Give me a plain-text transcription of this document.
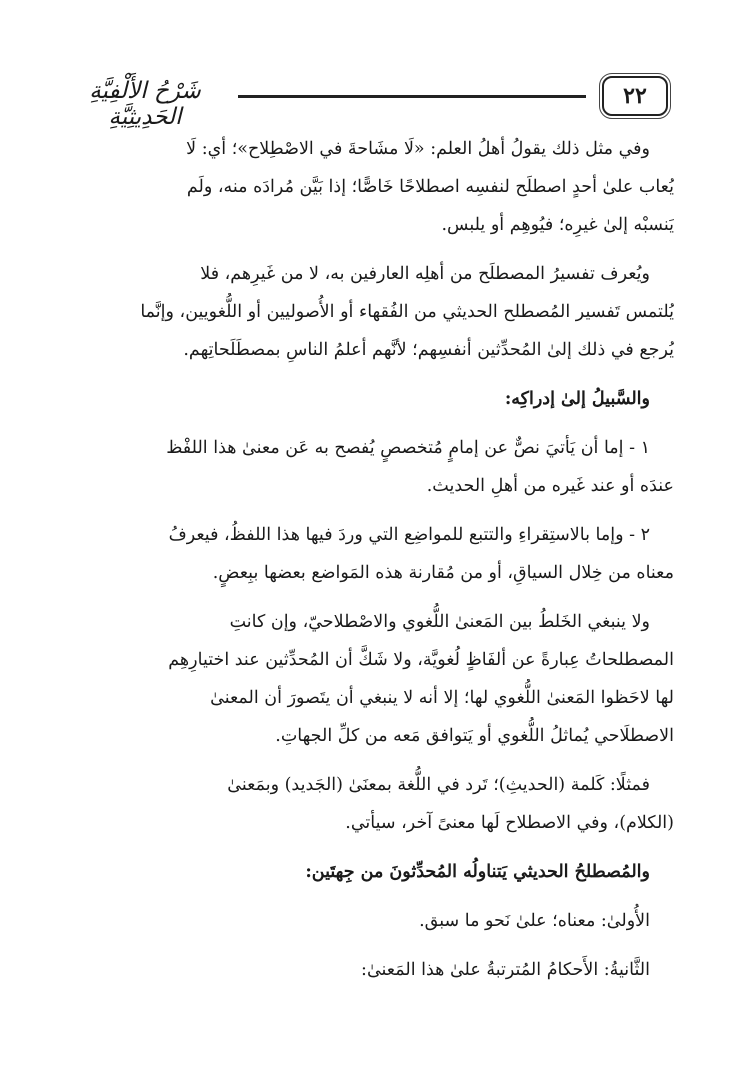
شَرْحُ الأَلْفِيَّةِ الحَدِيثِيَّةِ
٢٢
وفي مثل ذلك يقولُ أهلُ العلم: «لَا مشَاحةَ في الاصْطِلاح»؛ أي: لَا
يُعاب علىٰ أحدٍ اصطلَح لنفسِه اصطلاحًا خَاصًّا؛ إذا بَيَّن مُرادَه منه، ولَم
يَنسبْه إلىٰ غيرِه؛ فيُوهِم أو يلبس.
ويُعرف تفسيرُ المصطلَح من أهلِه العارفين به، لا من غَيرِهم، فلا
يُلتمس تَفسير المُصطلح الحديثي من الفُقهاء أو الأُصوليين أو اللُّغويين، وإنَّما
يُرجع في ذلك إلىٰ المُحدِّثين أنفسِهم؛ لأنَّهم أعلمُ الناسِ بمصطَلَحاتِهم.
والسَّبيلُ إلىٰ إدراكِه:
١ - إما أن يَأتيَ نصٌّ عن إمامٍ مُتخصصٍ يُفصح به عَن معنىٰ هذا اللفْظ
عندَه أو عند غَيره من أهلِ الحديث.
٢ - وإما بالاستِقراءِ والتتبع للمواضِع التي وردَ فيها هذا اللفظُ، فيعرفُ
معناه من خِلال السياقِ، أو من مُقارنة هذه المَواضع بعضها ببِعضٍ.
ولا ينبغي الخَلطُ بين المَعنىٰ اللُّغوي والاصْطلاحيّ، وإن كانتِ
المصطلحاتُ عِبارةً عن ألفَاظٍ لُغويَّة، ولا شَكَّ أن المُحدِّثين عند اختيارِهِم
لها لاحَظوا المَعنىٰ اللُّغوي لها؛ إلا أنه لا ينبغي أن يتَصورَ أن المعنىٰ
الاصطلَاحي يُماثلُ اللُّغوي أو يَتوافق مَعه من كلِّ الجهاتِ.
فمثلًا: كَلمة (الحديثِ)؛ تَرد في اللُّغة بمعنَىٰ (الجَديد) وبمَعنىٰ
(الكلام)، وفي الاصطلاح لَها معنىً آخر، سيأتي.
والمُصطلحُ الحديثي يَتناولُه المُحدِّثونَ من جِهتَين:
الأُولىٰ: معناه؛ علىٰ نَحو ما سبق.
الثَّانيةُ: الأَحكامُ المُترتبةُ علىٰ هذا المَعنىٰ:
